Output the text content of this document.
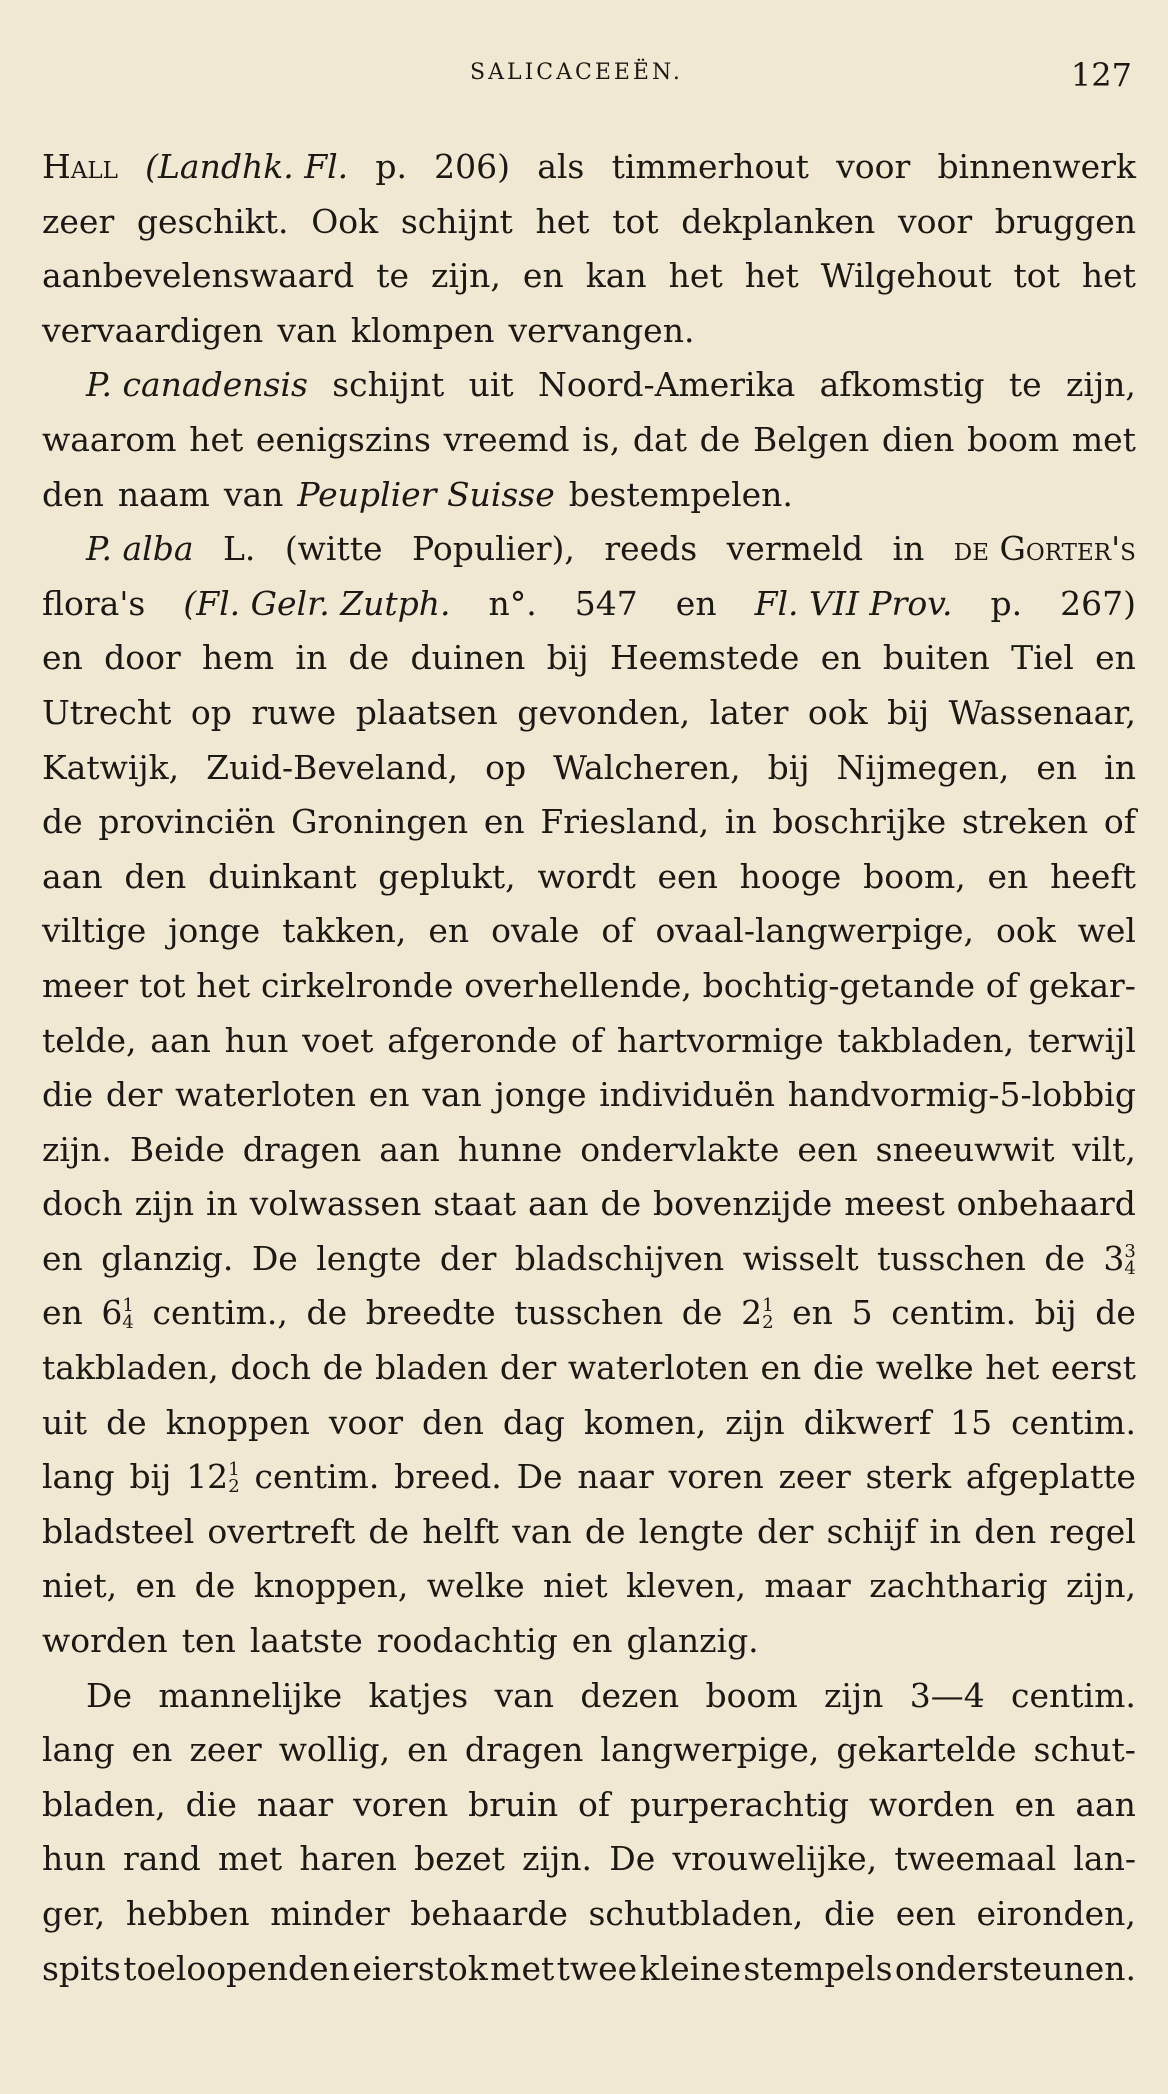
SALICACEEËN.	127
Hall (Landhk. Fl. p. 206) als timmerhout voor binnenwerk
zeer geschikt. Ook schijnt het tot dekplanken voor bruggen
aanbevelenswaard te zijn, en kan het het Wilgehout tot het
vervaardigen van klompen vervangen.
P. canadensis schijnt uit Noord-Amerika afkomstig te zijn,
waarom het eenigszins vreemd is, dat de Belgen dien boom met
den naam van Peuplier Suisse bestempelen.
P. alba L. (witte Populier), reeds vermeld in de Gorter's
flora's (Fl. Gelr. Zutph. n°. 547 en Fl. VII Prov. p. 267)
en door hem in de duinen bij Heemstede en buiten Tiel en
Utrecht op ruwe plaatsen gevonden, later ook bij Wassenaar,
Katwijk, Zuid-Beveland, op Walcheren, bij Nijmegen, en in
de provinciën Groningen en Friesland, in boschrijke streken of
aan den duinkant geplukt, wordt een hooge boom, en heeft
viltige jonge takken, en ovale of ovaal-langwerpige, ook wel
meer tot het cirkelronde overhellende, bochtig-getande of gekar-
telde, aan hun voet afgeronde of hartvormige takbladen, terwijl
die der waterloten en van jonge individuën handvormig-5-lobbig
zijn. Beide dragen aan hunne ondervlakte een sneeuwwit vilt,
doch zijn in volwassen staat aan de bovenzijde meest onbehaard
en glanzig. De lengte der bladschijven wisselt tusschen de 3 3
4
en 6 1
4 centim., de breedte tusschen de 2 1
2 en 5 centim. bij de
takbladen, doch de bladen der waterloten en die welke het eerst
uit de knoppen voor den dag komen, zijn dikwerf 15 centim.
lang bij 12 1
2 centim. breed. De naar voren zeer sterk afgeplatte
bladsteel overtreft de helft van de lengte der schijf in den regel
niet, en de knoppen, welke niet kleven, maar zachtharig zijn,
worden ten laatste roodachtig en glanzig.
De mannelijke katjes van dezen boom zijn 3—4 centim.
lang en zeer wollig, en dragen langwerpige, gekartelde schut-
bladen, die naar voren bruin of purperachtig worden en aan
hun rand met haren bezet zijn. De vrouwelijke, tweemaal lan-
ger, hebben minder behaarde schutbladen, die een eironden,
spits toeloopenden eierstok met twee kleine stempels ondersteunen.
